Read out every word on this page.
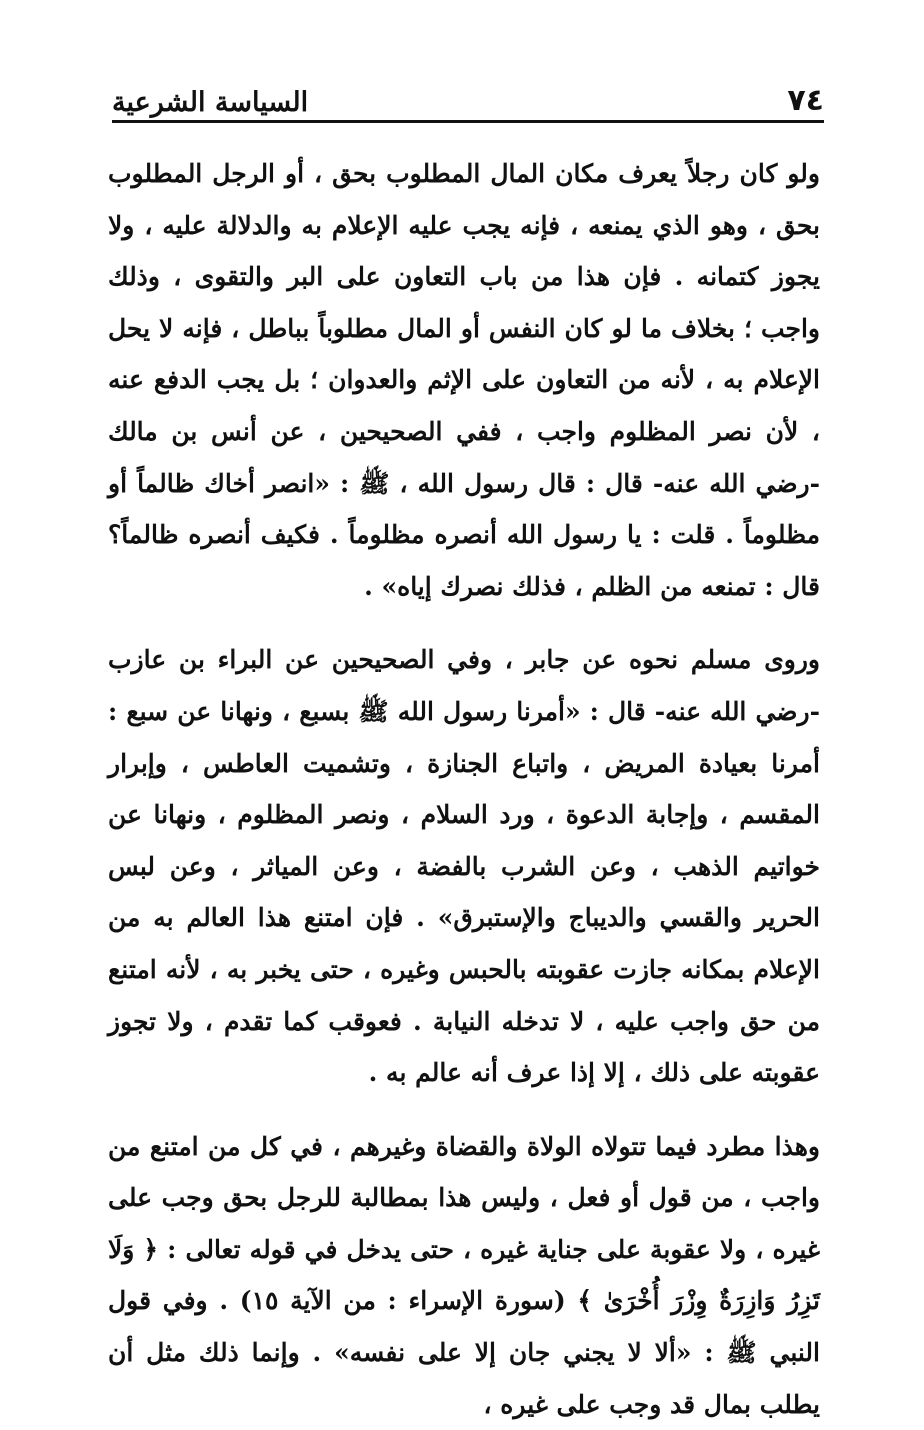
٧٤
السياسة الشرعية

ولو كان رجلاً يعرف مكان المال المطلوب بحق ، أو الرجل المطلوب بحق ، وهو الذي يمنعه ، فإنه يجب عليه الإعلام به والدلالة عليه ، ولا يجوز كتمانه . فإن هذا من باب التعاون على البر والتقوى ، وذلك واجب ؛ بخلاف ما لو كان النفس أو المال مطلوباً بباطل ، فإنه لا يحل الإعلام به ، لأنه من التعاون على الإثم والعدوان ؛ بل يجب الدفع عنه ، لأن نصر المظلوم واجب ، ففي الصحيحين ، عن أنس بن مالك -رضي الله عنه- قال : قال رسول الله ، ﷺ : «انصر أخاك ظالماً أو مظلوماً . قلت : يا رسول الله أنصره مظلوماً . فكيف أنصره ظالماً؟ قال : تمنعه من الظلم ، فذلك نصرك إياه» .

وروى مسلم نحوه عن جابر ، وفي الصحيحين عن البراء بن عازب -رضي الله عنه- قال : «أمرنا رسول الله ﷺ بسبع ، ونهانا عن سبع : أمرنا بعيادة المريض ، واتباع الجنازة ، وتشميت العاطس ، وإبرار المقسم ، وإجابة الدعوة ، ورد السلام ، ونصر المظلوم ، ونهانا عن خواتيم الذهب ، وعن الشرب بالفضة ، وعن المياثر ، وعن لبس الحرير والقسي والديباج والإستبرق» . فإن امتنع هذا العالم به من الإعلام بمكانه جازت عقوبته بالحبس وغيره ، حتى يخبر به ، لأنه امتنع من حق واجب عليه ، لا تدخله النيابة . فعوقب كما تقدم ، ولا تجوز عقوبته على ذلك ، إلا إذا عرف أنه عالم به .

وهذا مطرد فيما تتولاه الولاة والقضاة وغيرهم ، في كل من امتنع من واجب ، من قول أو فعل ، وليس هذا بمطالبة للرجل بحق وجب على غيره ، ولا عقوبة على جناية غيره ، حتى يدخل في قوله تعالى : ﴿ وَلَا تَزِرُ وَازِرَةٌ وِزْرَ أُخْرَىٰ ﴾ (سورة الإسراء : من الآية ١٥) . وفي قول النبي ﷺ : «ألا لا يجني جان إلا على نفسه» . وإنما ذلك مثل أن يطلب بمال قد وجب على غيره ،
